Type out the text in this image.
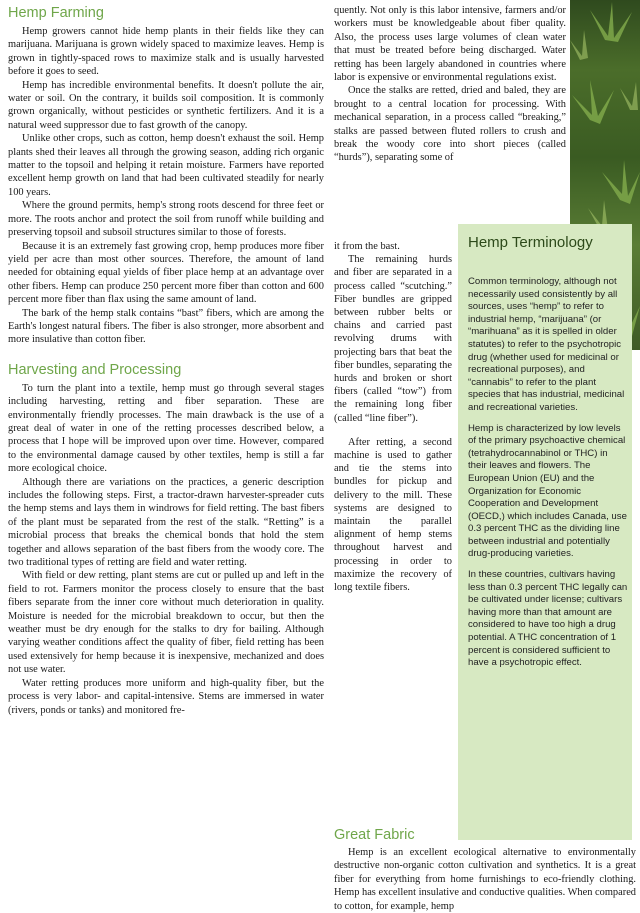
Hemp Farming

Hemp growers cannot hide hemp plants in their fields like they can marijuana. Marijuana is grown widely spaced to maximize leaves. Hemp is grown in tightly-spaced rows to maximize stalk and is usually harvested before it goes to seed.

Hemp has incredible environmental benefits. It doesn't pollute the air, water or soil. On the contrary, it builds soil composition. It is commonly grown organically, without pesticides or synthetic fertilizers. And it is a natural weed suppressor due to fast growth of the canopy.

Unlike other crops, such as cotton, hemp doesn't exhaust the soil. Hemp plants shed their leaves all through the growing season, adding rich organic matter to the topsoil and helping it retain moisture. Farmers have reported excellent hemp growth on land that had been cultivated steadily for nearly 100 years.

Where the ground permits, hemp's strong roots descend for three feet or more. The roots anchor and protect the soil from runoff while building and preserving topsoil and subsoil structures similar to those of forests.

Because it is an extremely fast growing crop, hemp produces more fiber yield per acre than most other sources. Therefore, the amount of land needed for obtaining equal yields of fiber place hemp at an advantage over other fibers. Hemp can produce 250 percent more fiber than cotton and 600 percent more fiber than flax using the same amount of land.

The bark of the hemp stalk contains “bast” fibers, which are among the Earth's longest natural fibers. The fiber is also stronger, more absorbent and more insulative than cotton fiber.

Harvesting and Processing

To turn the plant into a textile, hemp must go through several stages including harvesting, retting and fiber separation. These are environmentally friendly processes. The main drawback is the use of a great deal of water in one of the retting processes described below, a process that I hope will be improved upon over time. However, compared to the environmental damage caused by other textiles, hemp is still a far more ecological choice.

Although there are variations on the practices, a generic description includes the following steps. First, a tractor-drawn harvester-spreader cuts the hemp stems and lays them in windrows for field retting. The bast fibers of the plant must be separated from the rest of the stalk. “Retting” is a microbial process that breaks the chemical bonds that hold the stem together and allows separation of the bast fibers from the woody core. The two traditional types of retting are field and water retting.

With field or dew retting, plant stems are cut or pulled up and left in the field to rot. Farmers monitor the process closely to ensure that the bast fibers separate from the inner core without much deterioration in quality. Moisture is needed for the microbial breakdown to occur, but then the weather must be dry enough for the stalks to dry for bailing. Although varying weather conditions affect the quality of fiber, field retting has been used extensively for hemp because it is inexpensive, mechanized and does not use water.

Water retting produces more uniform and high-quality fiber, but the process is very labor- and capital-intensive. Stems are immersed in water (rivers, ponds or tanks) and monitored fre-

quently. Not only is this labor intensive, farmers and/or workers must be knowledgeable about fiber quality. Also, the process uses large volumes of clean water that must be treated before being discharged. Water retting has been largely abandoned in countries where labor is expensive or environmental regulations exist.

Once the stalks are retted, dried and baled, they are brought to a central location for processing. With mechanical separation, in a process called “breaking,” stalks are passed between fluted rollers to crush and break the woody core into short pieces (called “hurds”), separating some of

it from the bast.

The remaining hurds and fiber are separated in a process called “scutching.” Fiber bundles are gripped between rubber belts or chains and carried past revolving drums with projecting bars that beat the fiber bundles, separating the hurds and broken or short fibers (called “tow”) from the remaining long fiber (called “line fiber”).

After retting, a second machine is used to gather and tie the stems into bundles for pickup and delivery to the mill. These systems are designed to maintain the parallel alignment of hemp stems throughout harvest and processing in order to maximize the recovery of long textile fibers.

Hemp Terminology

Common terminology, although not necessarily used consistently by all sources, uses “hemp” to refer to industrial hemp, “marijuana” (or “marihuana” as it is spelled in older statutes) to refer to the psychotropic drug (whether used for medicinal or recreational purposes), and “cannabis” to refer to the plant species that has industrial, medicinal and recreational varieties.

Hemp is characterized by low levels of the primary psychoactive chemical (tetrahydrocannabinol or THC) in their leaves and flowers. The European Union (EU) and the Organization for Economic Cooperation and Development (OECD,) which includes Canada, use 0.3 percent THC as the dividing line between industrial and potentially drug-producing varieties.

In these countries, cultivars having less than 0.3 percent THC legally can be cultivated under license; cultivars having more than that amount are considered to have too high a drug potential. A THC concentration of 1 percent is considered sufficient to have a psychotropic effect.

Great Fabric

Hemp is an excellent ecological alternative to environmentally destructive non-organic cotton cultivation and synthetics. It is a great fiber for everything from home furnishings to eco-friendly clothing. Hemp has excellent insulative and conductive qualities. When compared to cotton, for example, hemp
